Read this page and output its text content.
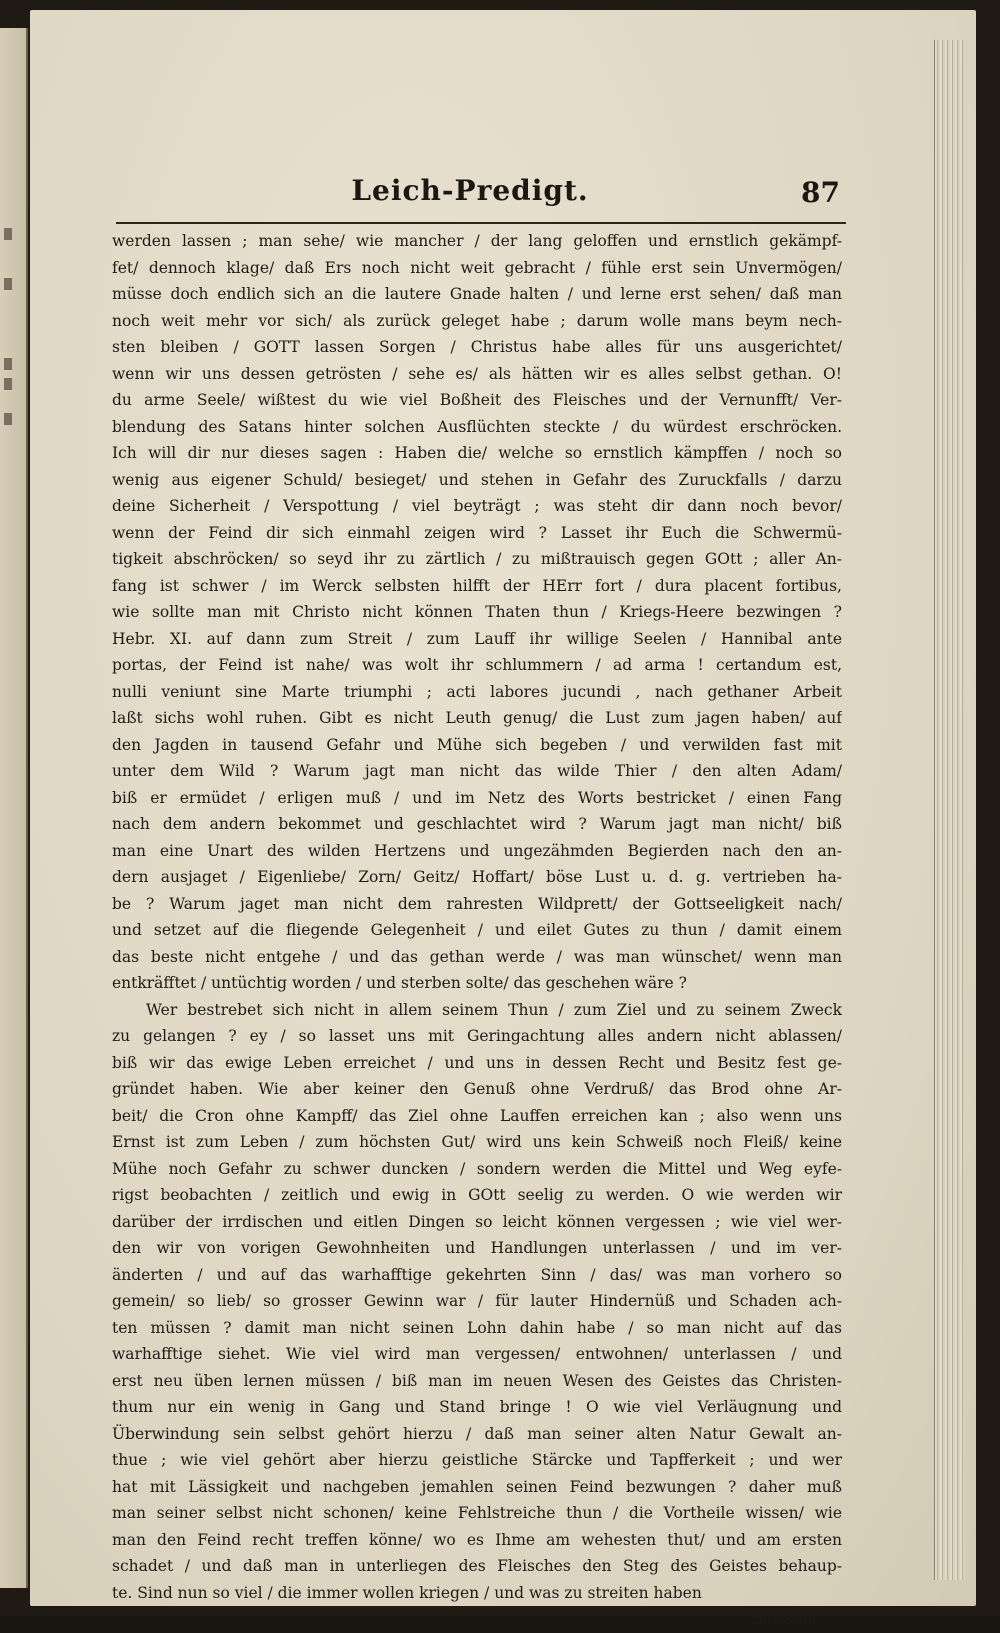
Leich-Predigt.	87
werden lassen ; man sehe/ wie mancher / der lang geloffen und ernstlich gekämpf-
fet/ dennoch klage/ daß Ers noch nicht weit gebracht / fühle erst sein Unvermögen/
müsse doch endlich sich an die lautere Gnade halten / und lerne erst sehen/ daß man
noch weit mehr vor sich/ als zurück geleget habe ; darum wolle mans beym nech-
sten bleiben / GOTT lassen Sorgen / Christus habe alles für uns ausgerichtet/
wenn wir uns dessen getrösten / sehe es/ als hätten wir es alles selbst gethan. O!
du arme Seele/ wißtest du wie viel Boßheit des Fleisches und der Vernunfft/ Ver-
blendung des Satans hinter solchen Ausflüchten steckte / du würdest erschröcken.
Ich will dir nur dieses sagen : Haben die/ welche so ernstlich kämpffen / noch so
wenig aus eigener Schuld/ besieget/ und stehen in Gefahr des Zuruckfalls / darzu
deine Sicherheit / Verspottung / viel beyträgt ; was steht dir dann noch bevor/
wenn der Feind dir sich einmahl zeigen wird ? Lasset ihr Euch die Schwermü-
tigkeit abschröcken/ so seyd ihr zu zärtlich / zu mißtrauisch gegen GOtt ; aller An-
fang ist schwer / im Werck selbsten hilfft der HErr fort / dura placent fortibus,
wie sollte man mit Christo nicht können Thaten thun / Kriegs-Heere bezwingen ?
Hebr. XI. auf dann zum Streit / zum Lauff ihr willige Seelen / Hannibal ante
portas, der Feind ist nahe/ was wolt ihr schlummern / ad arma ! certandum est,
nulli veniunt sine Marte triumphi ; acti labores jucundi , nach gethaner Arbeit
laßt sichs wohl ruhen. Gibt es nicht Leuth genug/ die Lust zum jagen haben/ auf
den Jagden in tausend Gefahr und Mühe sich begeben / und verwilden fast mit
unter dem Wild ? Warum jagt man nicht das wilde Thier / den alten Adam/
biß er ermüdet / erligen muß / und im Netz des Worts bestricket / einen Fang
nach dem andern bekommet und geschlachtet wird ? Warum jagt man nicht/ biß
man eine Unart des wilden Hertzens und ungezähmden Begierden nach den an-
dern ausjaget / Eigenliebe/ Zorn/ Geitz/ Hoffart/ böse Lust u. d. g. vertrieben ha-
be ? Warum jaget man nicht dem rahresten Wildprett/ der Gottseeligkeit nach/
und setzet auf die fliegende Gelegenheit / und eilet Gutes zu thun / damit einem
das beste nicht entgehe / und das gethan werde / was man wünschet/ wenn man
entkräfftet / untüchtig worden / und sterben solte/ das geschehen wäre ?
Wer bestrebet sich nicht in allem seinem Thun / zum Ziel und zu seinem Zweck
zu gelangen ? ey / so lasset uns mit Geringachtung alles andern nicht ablassen/
biß wir das ewige Leben erreichet / und uns in dessen Recht und Besitz fest ge-
gründet haben. Wie aber keiner den Genuß ohne Verdruß/ das Brod ohne Ar-
beit/ die Cron ohne Kampff/ das Ziel ohne Lauffen erreichen kan ; also wenn uns
Ernst ist zum Leben / zum höchsten Gut/ wird uns kein Schweiß noch Fleiß/ keine
Mühe noch Gefahr zu schwer duncken / sondern werden die Mittel und Weg eyfe-
rigst beobachten / zeitlich und ewig in GOtt seelig zu werden. O wie werden wir
darüber der irrdischen und eitlen Dingen so leicht können vergessen ; wie viel wer-
den wir von vorigen Gewohnheiten und Handlungen unterlassen / und im ver-
änderten / und auf das warhafftige gekehrten Sinn / das/ was man vorhero so
gemein/ so lieb/ so grosser Gewinn war / für lauter Hindernüß und Schaden ach-
ten müssen ? damit man nicht seinen Lohn dahin habe / so man nicht auf das
warhafftige siehet. Wie viel wird man vergessen/ entwohnen/ unterlassen / und
erst neu üben lernen müssen / biß man im neuen Wesen des Geistes das Christen-
thum nur ein wenig in Gang und Stand bringe ! O wie viel Verläugnung und
Überwindung sein selbst gehört hierzu / daß man seiner alten Natur Gewalt an-
thue ; wie viel gehört aber hierzu geistliche Stärcke und Tapfferkeit ; und wer
hat mit Lässigkeit und nachgeben jemahlen seinen Feind bezwungen ? daher muß
man seiner selbst nicht schonen/ keine Fehlstreiche thun / die Vortheile wissen/ wie
man den Feind recht treffen könne/ wo es Ihme am wehesten thut/ und am ersten
schadet / und daß man in unterliegen des Fleisches den Steg des Geistes behaup-
te. Sind nun so viel / die immer wollen kriegen / und was zu streiten haben
müssen/
